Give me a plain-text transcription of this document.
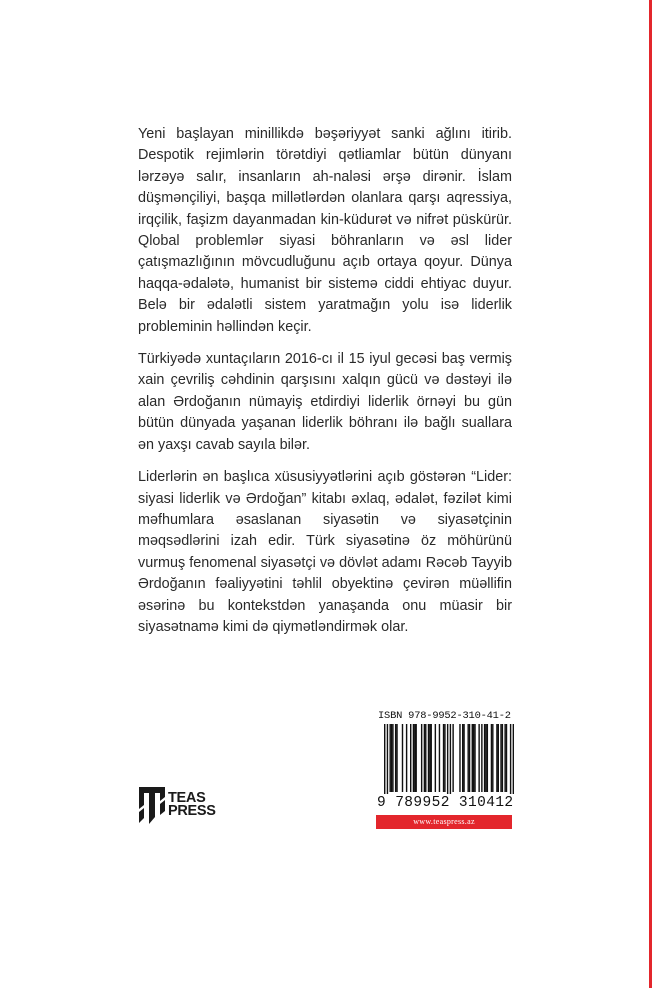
Yeni başlayan minillikdə bəşəriyyət sanki ağlını itirib. Despotik rejimlərin törətdiyi qətliamlar bütün dünyanı lərzəyə salır, insanların ah-naləsi ərşə dirənir. İslam düşmənçiliyi, başqa millətlərdən olanlara qarşı aqressiya, irqçilik, faşizm dayanmadan kin-küdurət və nifrət püskürür. Qlobal problemlər siyasi böhranların və əsl lider çatışmazlığının mövcudluğunu açıb ortaya qoyur. Dünya haqqa-ədalətə, humanist bir sistemə ciddi ehtiyac duyur. Belə bir ədalətli sistem yaratmağın yolu isə liderlik probleminin həllindən keçir.

Türkiyədə xuntaçıların 2016-cı il 15 iyul gecəsi baş vermiş xain çevriliş cəhdinin qarşısını xalqın gücü və dəstəyi ilə alan Ərdoğanın nümayiş etdirdiyi liderlik örnəyi bu gün bütün dünyada yaşanan liderlik böhranı ilə bağlı suallara ən yaxşı cavab sayıla bilər.

Liderlərin ən başlıca xüsusiyyətlərini açıb göstərən “Lider: siyasi liderlik və Ərdoğan” kitabı əxlaq, ədalət, fəzilət kimi məfhumlara əsaslanan siyasətin və siyasətçinin məqsədlərini izah edir. Türk siyasətinə öz möhürünü vurmuş fenomenal siyasətçi və dövlət adamı Rəcəb Tayyib Ərdoğanın fəaliyyətini təhlil obyektinə çevirən müəllifin əsərinə bu kontekstdən yanaşanda onu müasir bir siyasətnamə kimi də qiymətləndirmək olar.

TEAS
PRESS
ISBN 978-9952-310-41-2
9 789952 310412
www.teaspress.az
